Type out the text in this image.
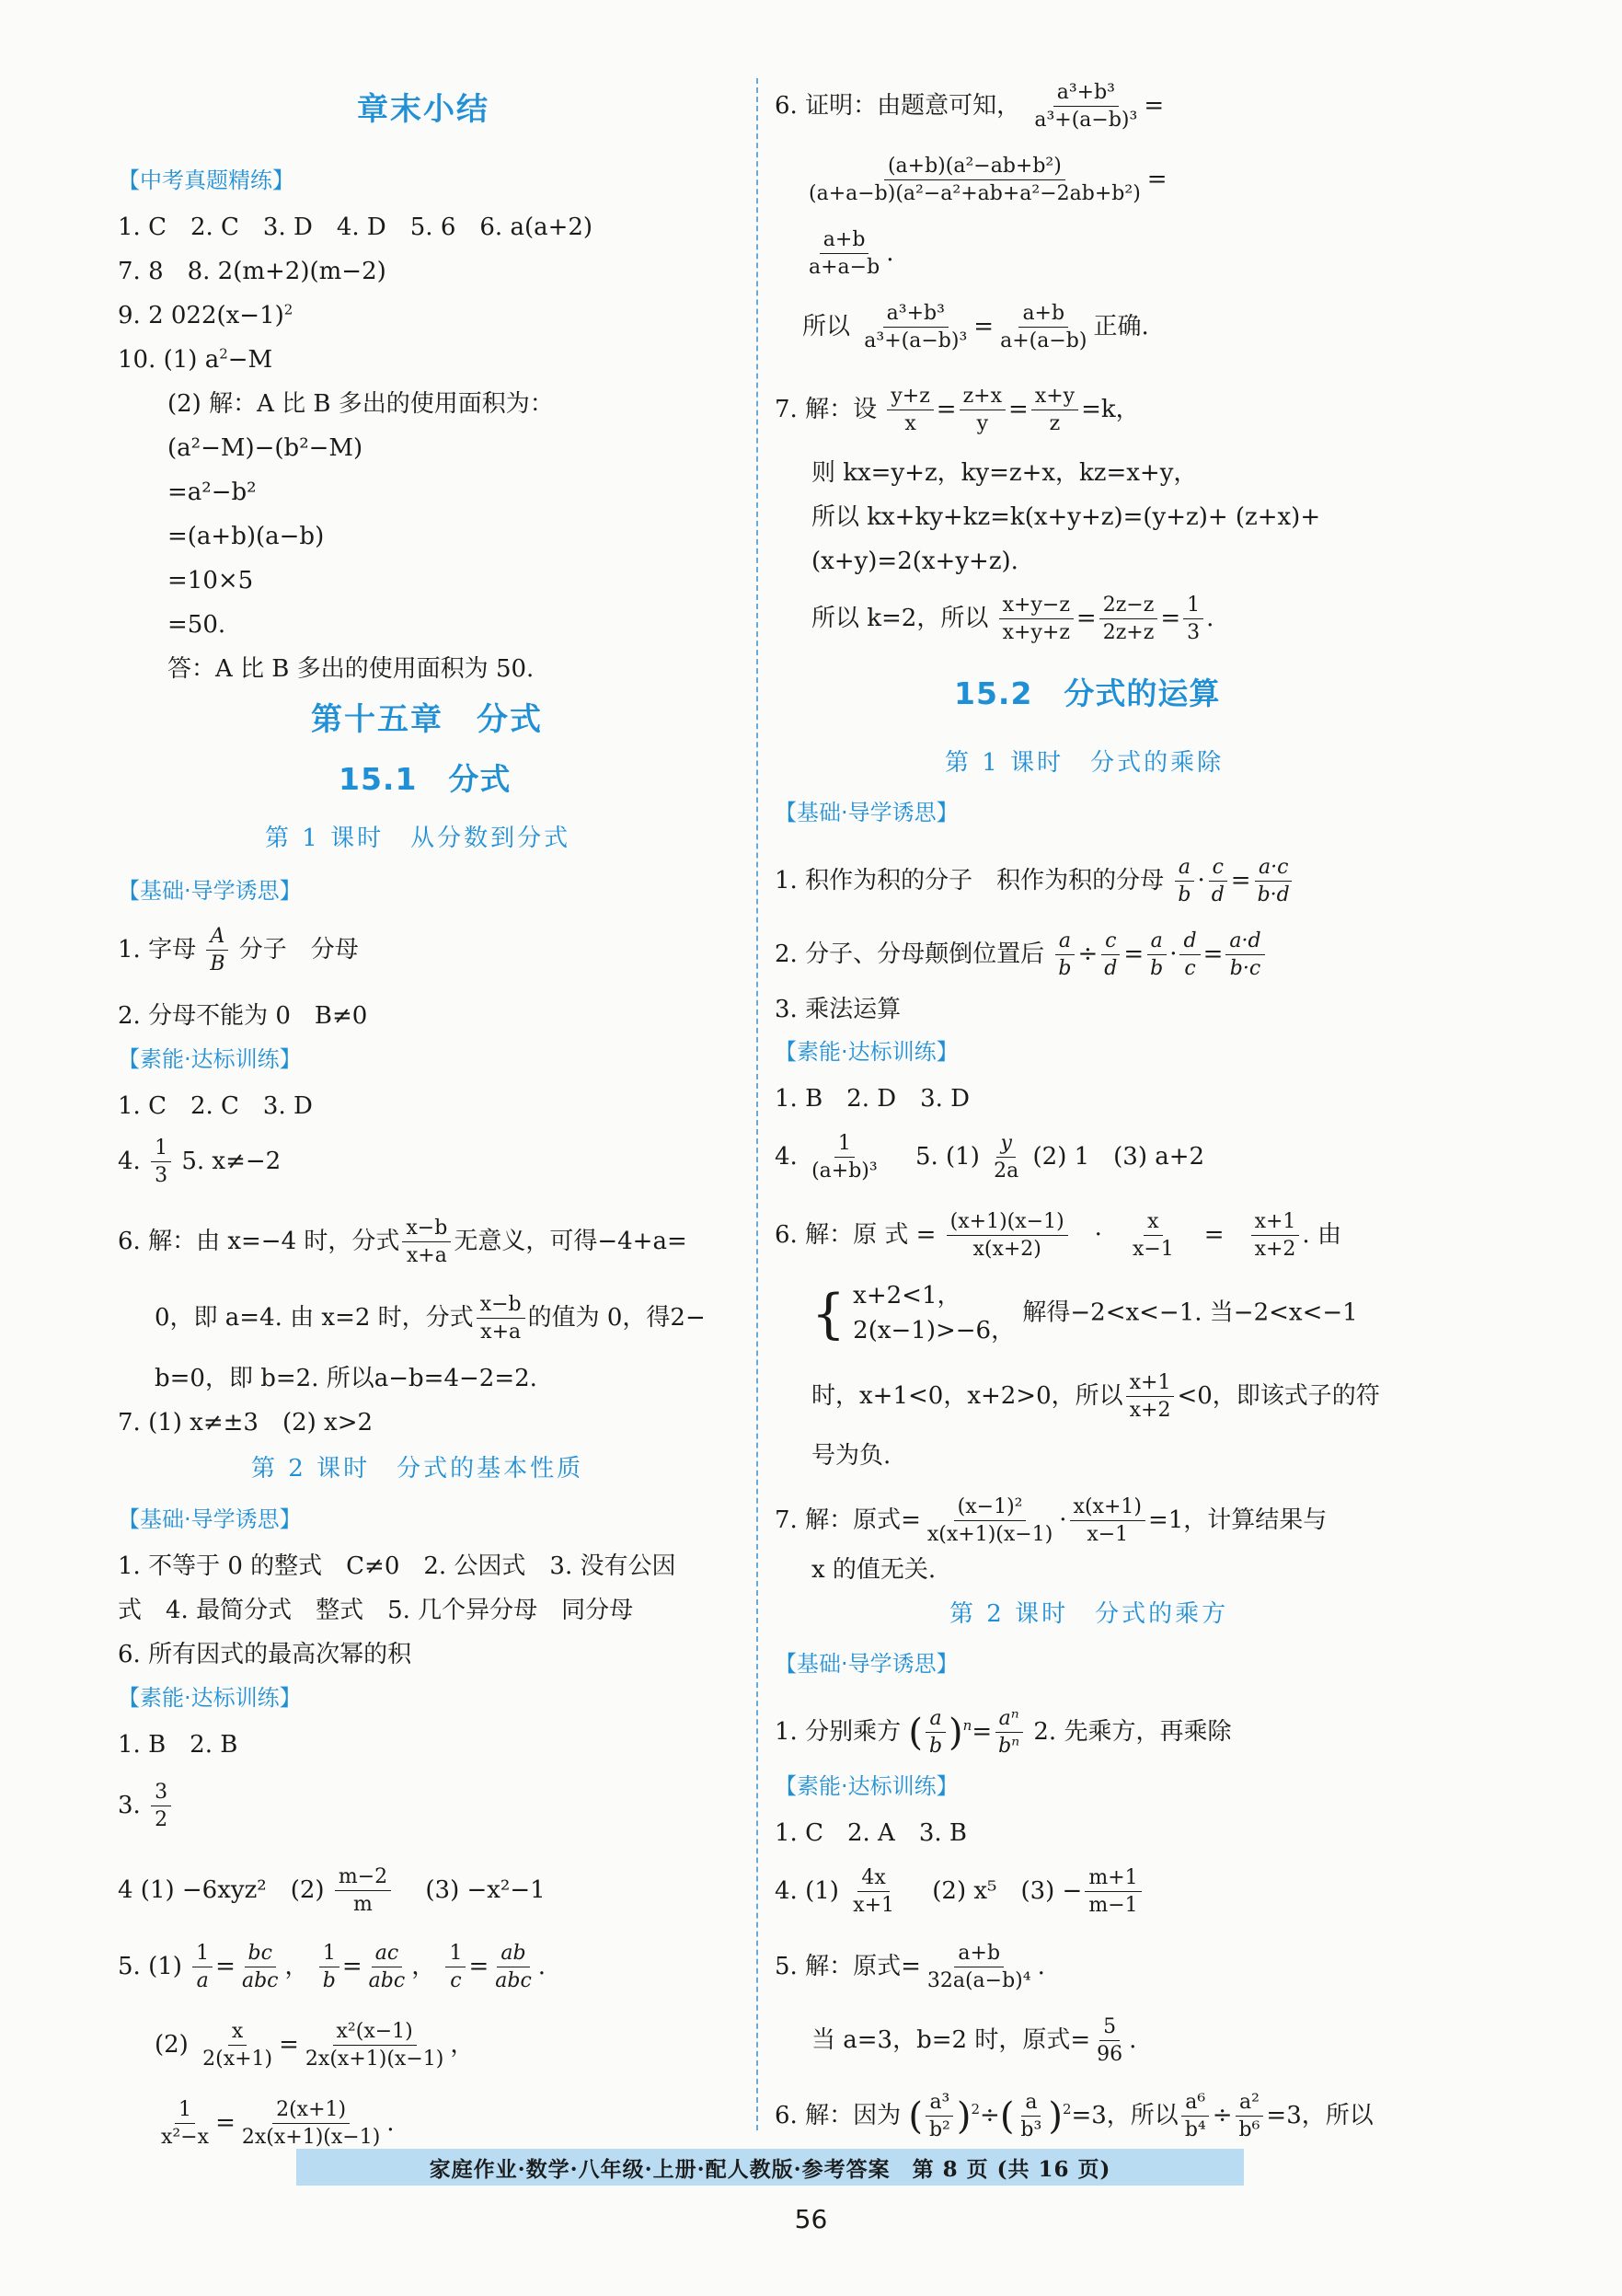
章末小结
【中考真题精练】
1. C　2. C　3. D　4. D　5. 6　6. a(a+2)
7. 8　8. 2(m+2)(m−2)
9. 2 $022(x-1)^2$
10. (1) $a^2-M$
(2) 解：A 比 B 多出的使用面积为：
(a²−M)−(b²−M)
=a²−b²
=(a+b)(a−b)
=10×5
=50.
答：A 比 B 多出的使用面积为 50.
第十五章　分式
15.1　分式
第 1 课时　从分数到分式
【基础·导学诱思】
1. 字母 $\frac{A}{B}$ 分子　分母
2. 分母不能为 0　B≠0
【素能·达标训练】
1. C　2. C　3. D
4. $\frac{1}{3} 5$. x≠−2
6. 解：由 x=−4 时，分式 $\frac{x-b}{x+a}$ 无意义，可得−4+a=
0，即 a=4. 由 x=2 时，分式 $\frac{x-b}{x+a}$ 的值为 0，得2−
b=0，即 b=2. 所以a−b=4−2=2.
7. (1) x≠±3　(2) x>2
第 2 课时　分式的基本性质
【基础·导学诱思】
1. 不等于 0 的整式　C≠0　2. 公因式　3. 没有公因
式　4. 最简分式　整式　5. 几个异分母　同分母
6. 所有因式的最高次幂的积
【素能·达标训练】
1. B　2. B
3. $\frac{3}{2}$
4 (1) −6xyz²　 $(2) \frac{m-2}{m}$
　 (3) −x²−1
5. $(1) \frac{1}{a} = \frac{bc}{\text{abc}}$ ， $\frac{1}{b} = \frac{ac}{\text{abc}}$ ， $\frac{1}{c} = \frac{ab}{\text{abc}}$ .
$(2) \frac{x}{2(x+1)} = \frac{\text{x²(x−1)}}{2x(x+1)(x-1)}$ ，
$\frac{1}{\text{x²−x}} = \frac{2(x+1)}{2x(x+1)(x-1)}$ .
6. 证明：由题意可知， $\frac{\text{a³+b³}}{\text{a³+(a−b)³}}$ =
$\frac{\text{(a+b)(a²−ab+b²)}}{\text{(a+a−b)(a²−a²+ab+a²−2ab+b²)}}$ =
$\frac{a+b}{a+a-b}$ .
所以 $\frac{\text{a³+b³}}{\text{a³+(a−b)³}} = \frac{a+b}{a+(a-b)}$ 正确.
7. 解：设 $\frac{y+z}{x} = \frac{z+x}{y} = \frac{x+y}{z} =k$，
则 kx=y+z，ky=z+x，kz=x+y，
所以 kx+ky+kz=k(x+y+z)=(y+z)+ (z+x)+
(x+y)=2(x+y+z).
所以 k=2，所以 $\frac{x+y-z}{x+y+z} = \frac{2z-z}{2z+z} = \frac{1}{3}$ .
15.2　分式的运算
第 1 课时　分式的乘除
【基础·导学诱思】
1. 积作为积的分子　积作为积的分母 $\frac{a}{b} \cdot \frac{c}{d} = \frac{a\cdot c}{b\cdot d}$
2. 分子、分母颠倒位置后 $\frac{a}{b} \div \frac{c}{d} = \frac{a}{b} \cdot \frac{d}{c} = \frac{a\cdot d}{b\cdot c}$
3. 乘法运算
【素能·达标训练】
1. B　2. D　3. D
4. $\frac{1}{\text{(a+b)³}}$
　 5. $(1) \frac{y}{2a} (2)$ 1　(3) a+2
6. 解：原 式 = $\frac{(x+1)(x-1)}{x(x+2)}$ 　·　 $\frac{x}{x-1}$ 　=　 $\frac{x+1}{x+2}$ . 由
{ x+2<1，
2(x−1)>−6，
解得−2<x<−1. 当−2<x<−1
时，x+1<0，x+2>0，所以 $\frac{x+1}{x+2} <0$，即该式子的符
号为负.
7. 解：原式= $\frac{\text{(x−1)²}}{x(x+1)(x-1)} \cdot \frac{x(x+1)}{x-1} =1$，计算结果与
x 的值无关.
第 2 课时　分式的乘方
【基础·导学诱思】
1. 分别乘方 ( $\frac{a}{b} )^n= \frac{\text{aⁿ}}{\text{bⁿ}} 2$. 先乘方，再乘除
【素能·达标训练】
1. C　2. A　3. B
4. $(1) \frac{4x}{x+1}$
　 (2) x⁵　$(3) - \frac{m+1}{m-1}$
5. 解：原式= $\frac{a+b}{\text{32a(a−b)⁴}}$ .
当 a=3，b=2 时，原式= $\frac{5}{96}$ .
6. 解：因为 ( $\frac{\text{a³}}{\text{b²}} )^2\div( \frac{a}{\text{b³}} )^2=3$，所以 $\frac{\text{a⁶}}{\text{b⁴}} \div \frac{\text{a²}}{\text{b⁶}} =3$，所以
家庭作业·数学·八年级·上册·配人教版·参考答案　第 8 页 (共 16 页)
56
